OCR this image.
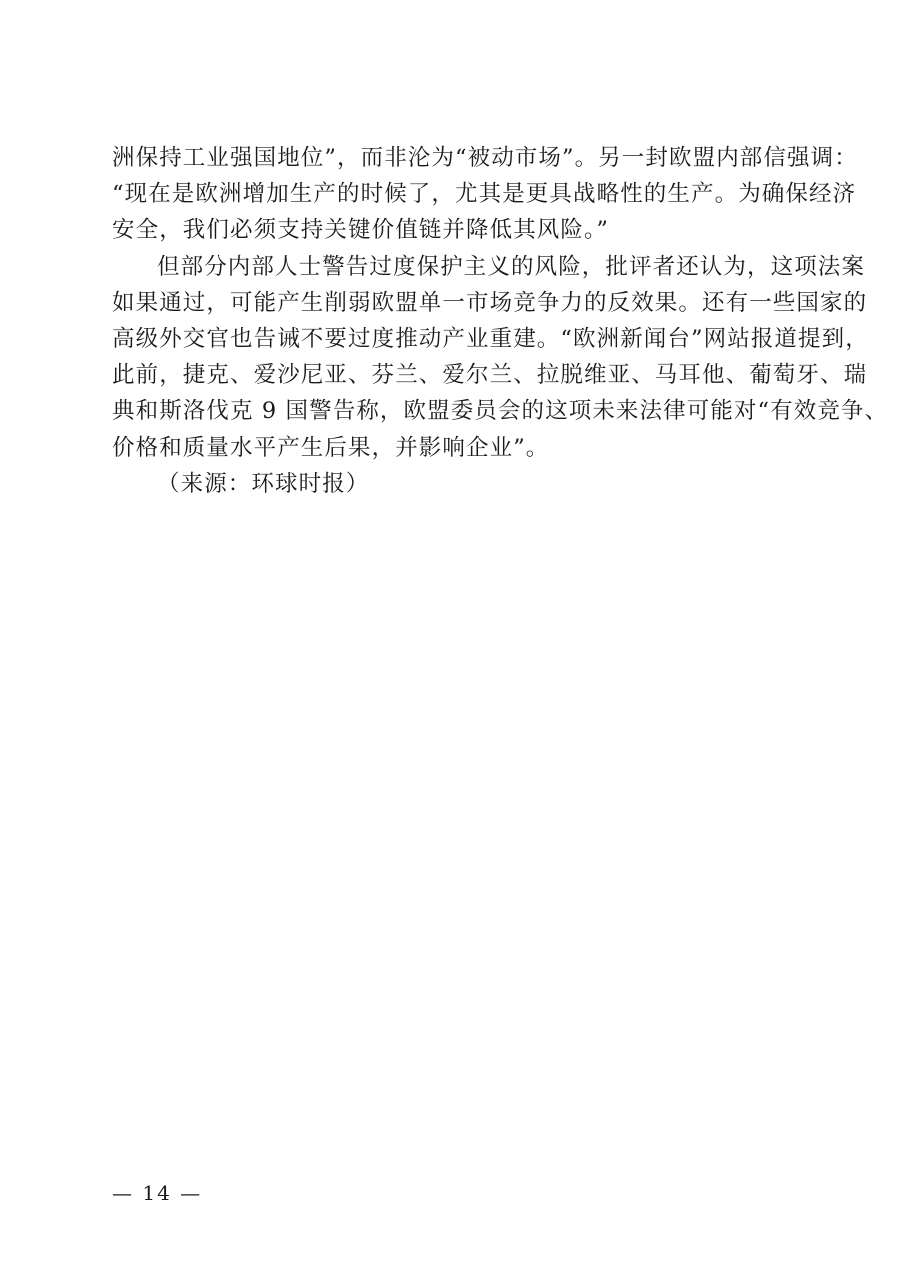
洲保持工业强国地位”，而非沦为“被动市场”。另一封欧盟内部信强调：
“现在是欧洲增加生产的时候了，尤其是更具战略性的生产。为确保经济
安全，我们必须支持关键价值链并降低其风险。”
但部分内部人士警告过度保护主义的风险，批评者还认为，这项法案
如果通过，可能产生削弱欧盟单一市场竞争力的反效果。还有一些国家的
高级外交官也告诫不要过度推动产业重建。“欧洲新闻台”网站报道提到，
此前，捷克、爱沙尼亚、芬兰、爱尔兰、拉脱维亚、马耳他、葡萄牙、瑞
典和斯洛伐克 9 国警告称，欧盟委员会的这项未来法律可能对“有效竞争、
价格和质量水平产生后果，并影响企业”。
（来源：环球时报）
— 14 —
